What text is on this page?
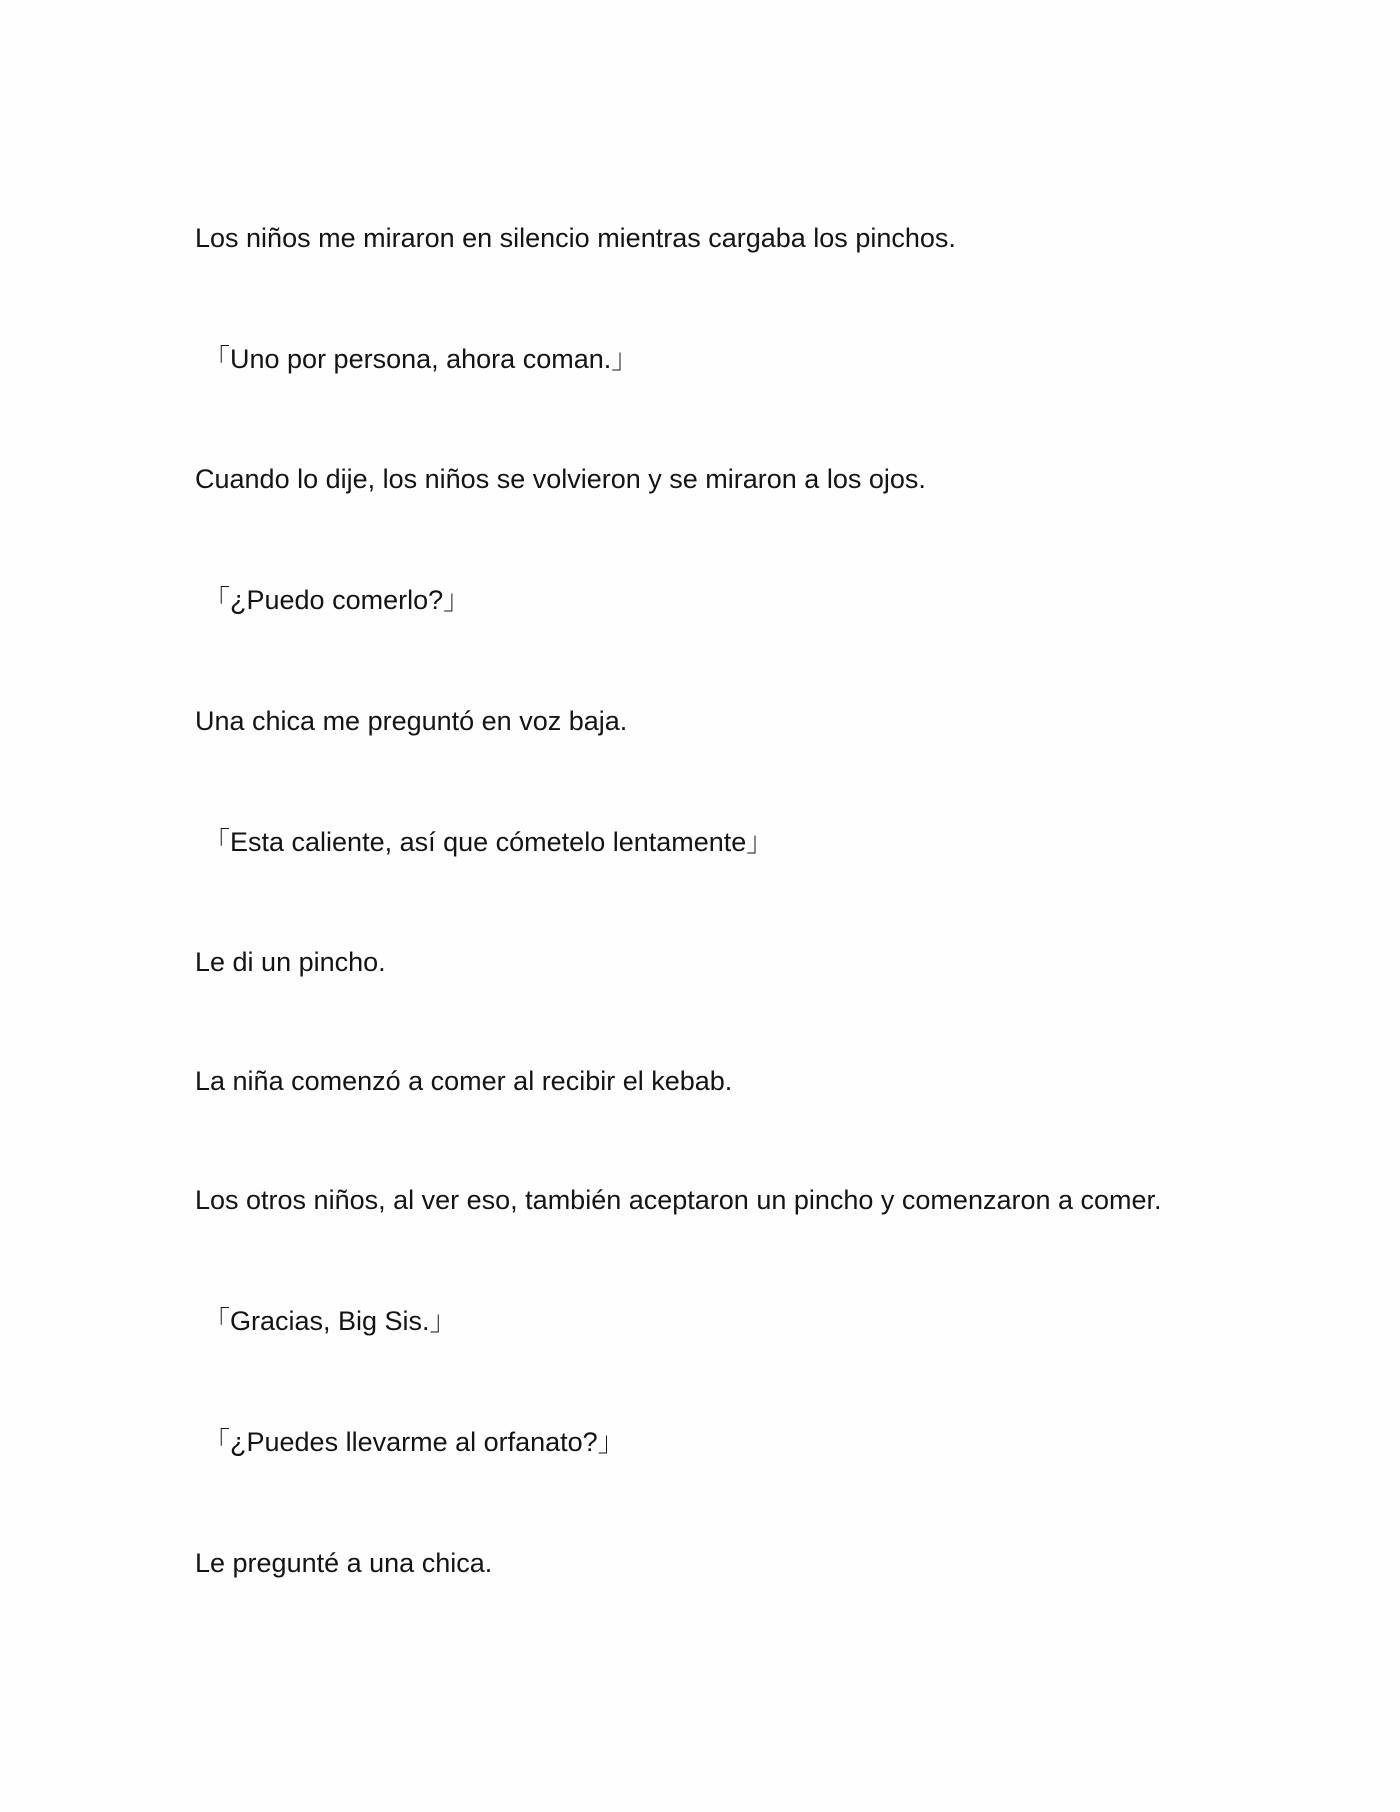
Los niños me miraron en silencio mientras cargaba los pinchos.

「Uno por persona, ahora coman.」

Cuando lo dije, los niños se volvieron y se miraron a los ojos.

「¿Puedo comerlo?」

Una chica me preguntó en voz baja.

「Esta caliente, así que cómetelo lentamente」

Le di un pincho.

La niña comenzó a comer al recibir el kebab.

Los otros niños, al ver eso, también aceptaron un pincho y comenzaron a comer.

「Gracias, Big Sis.」

「¿Puedes llevarme al orfanato?」

Le pregunté a una chica.
